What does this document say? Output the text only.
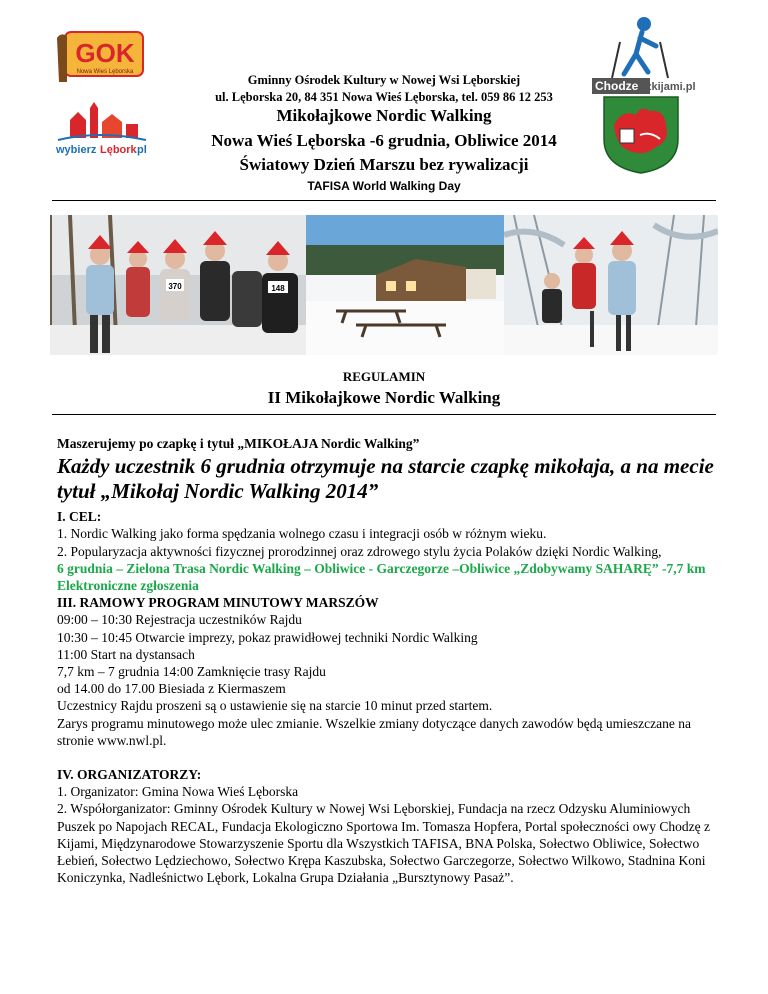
GOK
Nowa Wieś Lęborska
wybierz Lębork
.pl
Chodze zkijami.pl
Gminny Ośrodek Kultury w Nowej Wsi Lęborskiej
ul. Lęborska 20, 84 351 Nowa Wieś Lęborska, tel. 059 86 12 253
Mikołajkowe Nordic Walking
Nowa Wieś Lęborska -6 grudnia, Obliwice 2014
Światowy Dzień Marszu bez rywalizacji
TAFISA World Walking Day
370	148
REGULAMIN
II Mikołajkowe Nordic Walking

Maszerujemy po czapkę i tytuł „MIKOŁAJA Nordic Walking”

Każdy uczestnik 6 grudnia otrzymuje na starcie czapkę mikołaja, a na mecie tytuł „Mikołaj Nordic Walking 2014”

I. CEL:

1. Nordic Walking jako forma spędzania wolnego czasu i integracji osób w różnym wieku.

2. Popularyzacja aktywności fizycznej prorodzinnej oraz zdrowego stylu życia Polaków dzięki Nordic Walking,

6 grudnia – Zielona Trasa Nordic Walking – Obliwice - Garczegorze –Obliwice „Zdobywamy SAHARĘ” -7,7 km Elektroniczne zgłoszenia

III. RAMOWY PROGRAM MINUTOWY MARSZÓW

09:00 – 10:30 Rejestracja uczestników Rajdu

10:30 – 10:45 Otwarcie imprezy, pokaz prawidłowej techniki Nordic Walking

11:00 Start na dystansach

7,7 km – 7 grudnia 14:00 Zamknięcie trasy Rajdu

od 14.00 do 17.00 Biesiada z Kiermaszem

Uczestnicy Rajdu proszeni są o ustawienie się na starcie 10 minut przed startem.

Zarys programu minutowego może ulec zmianie. Wszelkie zmiany dotyczące danych zawodów będą umieszczane na stronie www.nwl.pl.

IV. ORGANIZATORZY:

1. Organizator: Gmina Nowa Wieś Lęborska

2. Współorganizator: Gminny Ośrodek Kultury w Nowej Wsi Lęborskiej, Fundacja na rzecz Odzysku Aluminiowych Puszek po Napojach RECAL, Fundacja Ekologiczno Sportowa Im. Tomasza Hopfera, Portal społeczności owy Chodzę z Kijami, Międzynarodowe Stowarzyszenie Sportu dla Wszystkich TAFISA, BNA Polska, Sołectwo Obliwice, Sołectwo Łebień, Sołectwo Lędziechowo, Sołectwo Krępa Kaszubska, Sołectwo Garczegorze, Sołectwo Wilkowo, Stadnina Koni Koniczynka, Nadleśnictwo Lębork, Lokalna Grupa Działania „Bursztynowy Pasaż”.
